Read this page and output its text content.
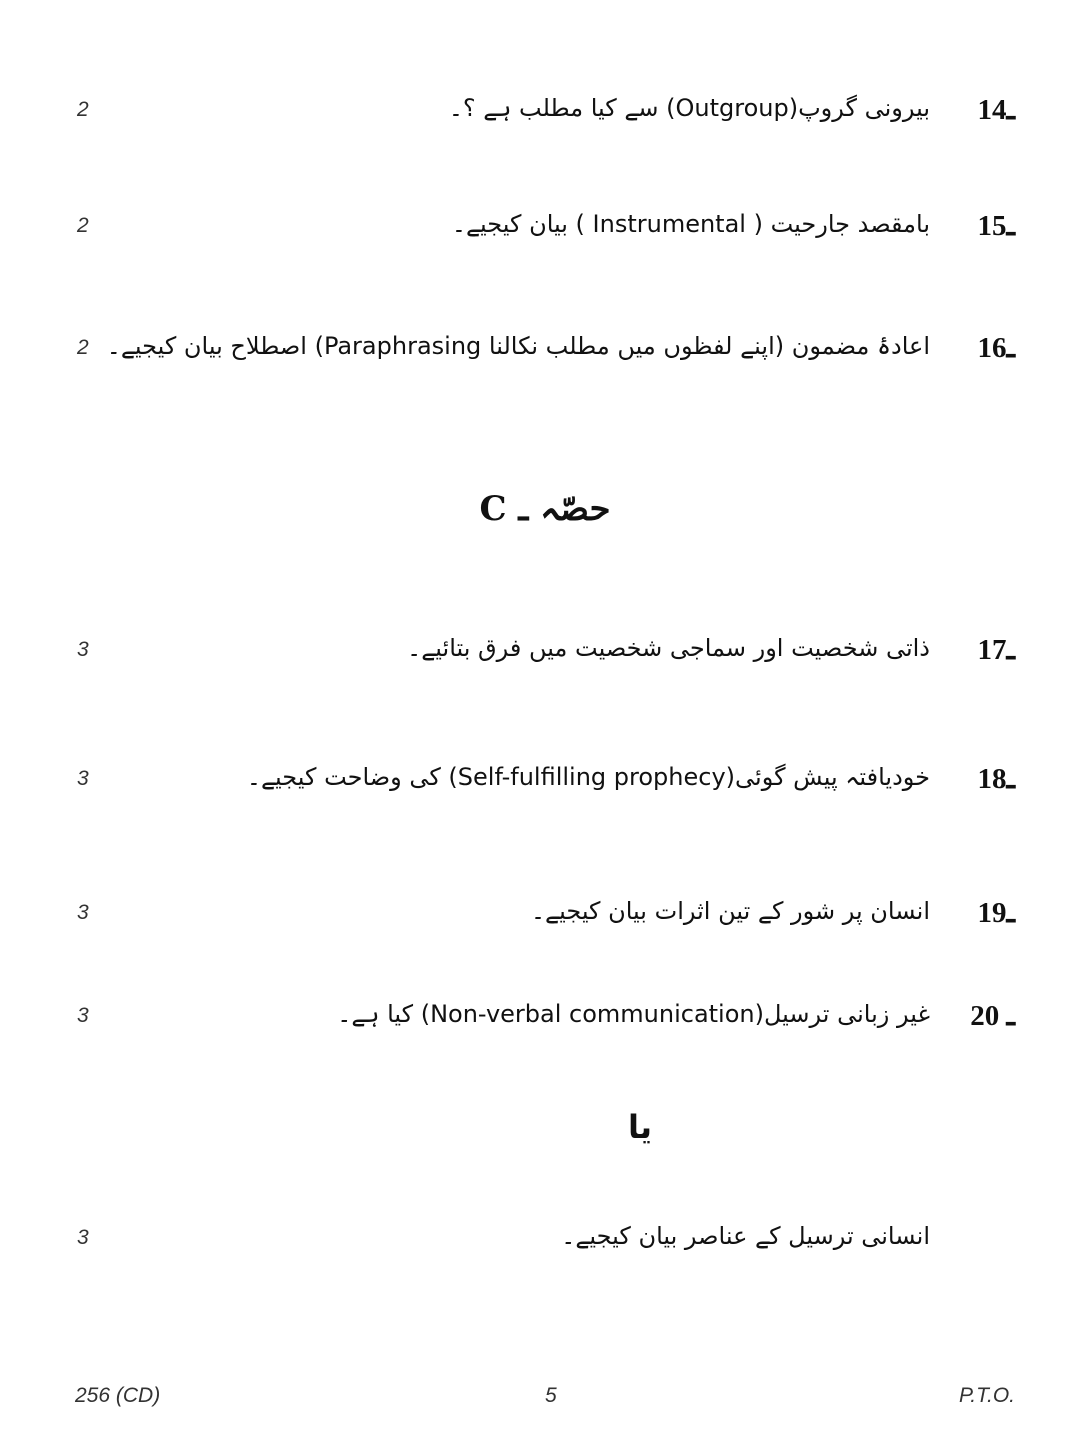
2	بیرونی گروپ(Outgroup) سے کیا مطلب ہے ؟۔ 14ـ
2	بامقصد جارحیت ( Instrumental ) بیان کیجیے۔ 15ـ
2 اعادۂ مضمون (اپنے لفظوں میں مطلب نکالنا Paraphrasing) اصطلاح بیان کیجیے۔ 16ـ
حصّہ ـ C
3	ذاتی شخصیت اور سماجی شخصیت میں فرق بتائیے۔ 17ـ
3	خودیافتہ پیش گوئی(Self-fulfilling prophecy) کی وضاحت کیجیے۔ 18ـ
3	انسان پر شور کے تین اثرات بیان کیجیے۔ 19ـ
3	غیر زبانی ترسیل(Non-verbal communication) کیا ہے۔ 20 ـ
یا
3	انسانی ترسیل کے عناصر بیان کیجیے۔
256 (CD)	5	P.T.O.
